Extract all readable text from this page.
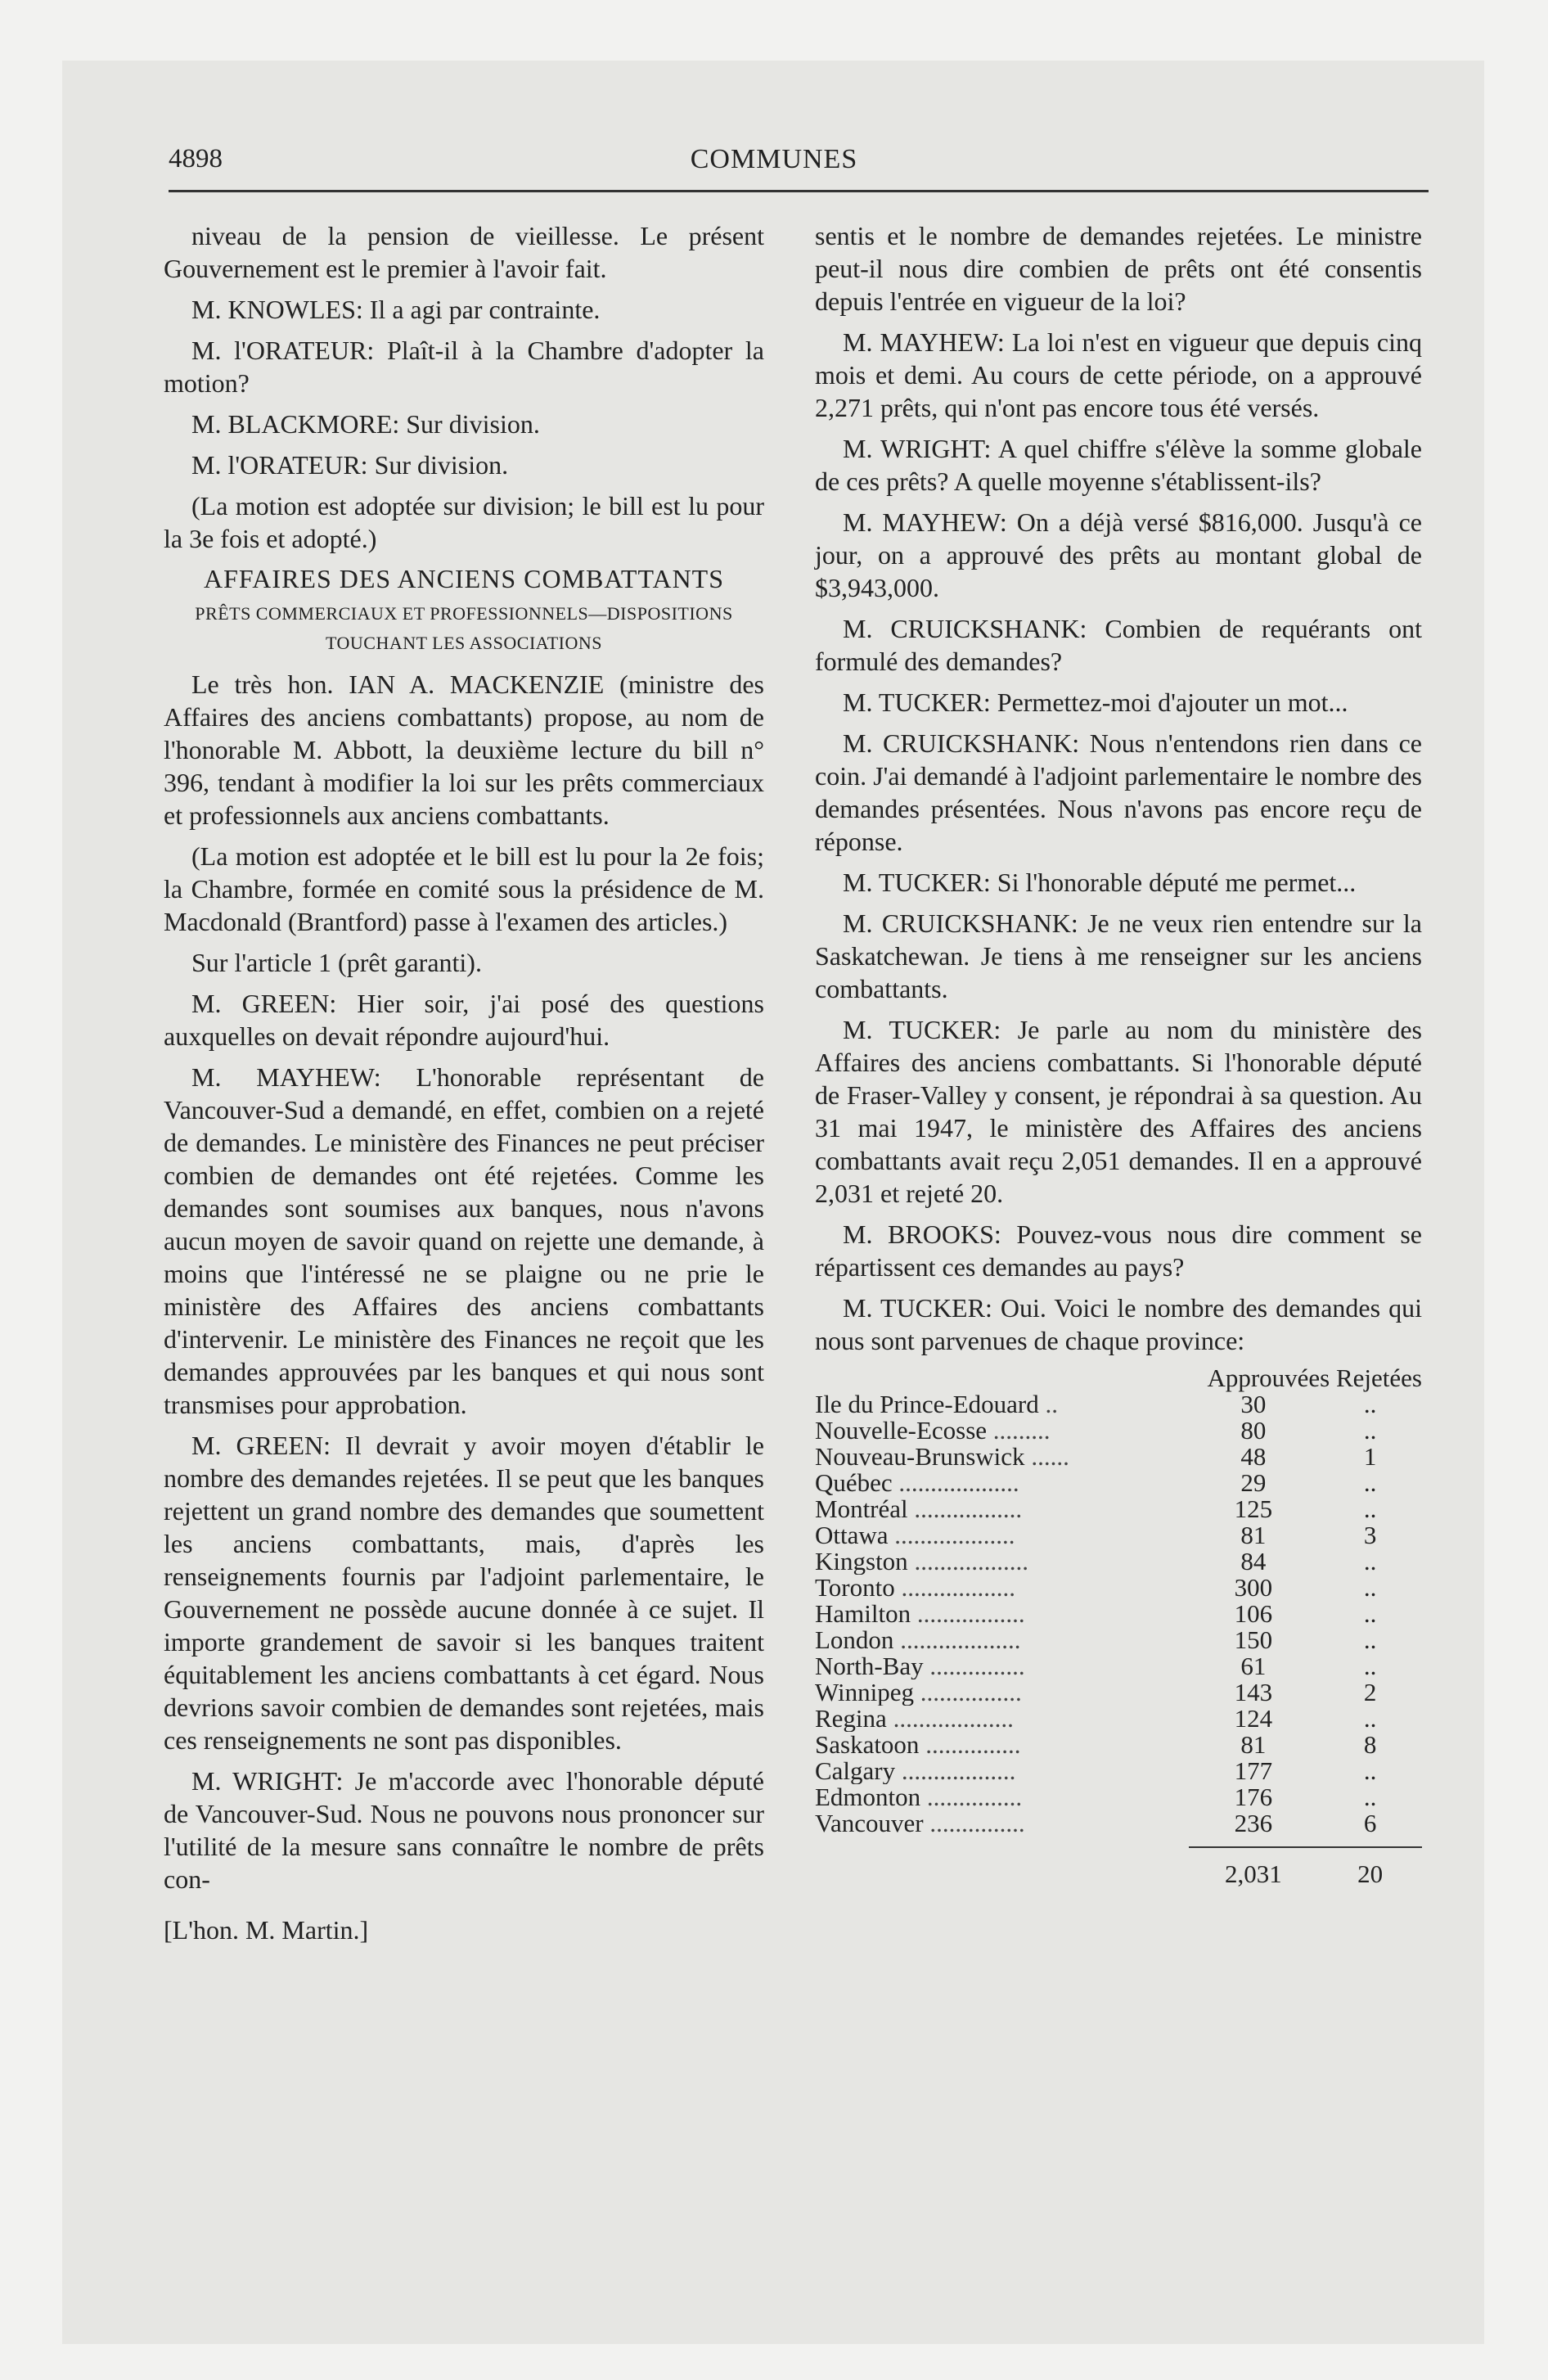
4898	COMMUNES

niveau de la pension de vieillesse. Le présent Gouvernement est le premier à l'avoir fait.

M. KNOWLES: Il a agi par contrainte.

M. l'ORATEUR: Plaît-il à la Chambre d'adopter la motion?

M. BLACKMORE: Sur division.

M. l'ORATEUR: Sur division.

(La motion est adoptée sur division; le bill est lu pour la 3e fois et adopté.)

AFFAIRES DES ANCIENS COMBATTANTS

PRÊTS COMMERCIAUX ET PROFESSIONNELS—DISPOSITIONS TOUCHANT LES ASSOCIATIONS

Le très hon. IAN A. MACKENZIE (ministre des Affaires des anciens combattants) propose, au nom de l'honorable M. Abbott, la deuxième lecture du bill n° 396, tendant à modifier la loi sur les prêts commerciaux et professionnels aux anciens combattants.

(La motion est adoptée et le bill est lu pour la 2e fois; la Chambre, formée en comité sous la présidence de M. Macdonald (Brantford) passe à l'examen des articles.)

Sur l'article 1 (prêt garanti).

M. GREEN: Hier soir, j'ai posé des questions auxquelles on devait répondre aujourd'hui.

M. MAYHEW: L'honorable représentant de Vancouver-Sud a demandé, en effet, combien on a rejeté de demandes. Le ministère des Finances ne peut préciser combien de demandes ont été rejetées. Comme les demandes sont soumises aux banques, nous n'avons aucun moyen de savoir quand on rejette une demande, à moins que l'intéressé ne se plaigne ou ne prie le ministère des Affaires des anciens combattants d'intervenir. Le ministère des Finances ne reçoit que les demandes approuvées par les banques et qui nous sont transmises pour approbation.

M. GREEN: Il devrait y avoir moyen d'établir le nombre des demandes rejetées. Il se peut que les banques rejettent un grand nombre des demandes que soumettent les anciens combattants, mais, d'après les renseignements fournis par l'adjoint parlementaire, le Gouvernement ne possède aucune donnée à ce sujet. Il importe grandement de savoir si les banques traitent équitablement les anciens combattants à cet égard. Nous devrions savoir combien de demandes sont rejetées, mais ces renseignements ne sont pas disponibles.

M. WRIGHT: Je m'accorde avec l'honorable député de Vancouver-Sud. Nous ne pouvons nous prononcer sur l'utilité de la mesure sans connaître le nombre de prêts con-

[L'hon. M. Martin.]

sentis et le nombre de demandes rejetées. Le ministre peut-il nous dire combien de prêts ont été consentis depuis l'entrée en vigueur de la loi?

M. MAYHEW: La loi n'est en vigueur que depuis cinq mois et demi. Au cours de cette période, on a approuvé 2,271 prêts, qui n'ont pas encore tous été versés.

M. WRIGHT: A quel chiffre s'élève la somme globale de ces prêts? A quelle moyenne s'établissent-ils?

M. MAYHEW: On a déjà versé $816,000. Jusqu'à ce jour, on a approuvé des prêts au montant global de $3,943,000.

M. CRUICKSHANK: Combien de requérants ont formulé des demandes?

M. TUCKER: Permettez-moi d'ajouter un mot...

M. CRUICKSHANK: Nous n'entendons rien dans ce coin. J'ai demandé à l'adjoint parlementaire le nombre des demandes présentées. Nous n'avons pas encore reçu de réponse.

M. TUCKER: Si l'honorable député me permet...

M. CRUICKSHANK: Je ne veux rien entendre sur la Saskatchewan. Je tiens à me renseigner sur les anciens combattants.

M. TUCKER: Je parle au nom du ministère des Affaires des anciens combattants. Si l'honorable député de Fraser-Valley y consent, je répondrai à sa question. Au 31 mai 1947, le ministère des Affaires des anciens combattants avait reçu 2,051 demandes. Il en a approuvé 2,031 et rejeté 20.

M. BROOKS: Pouvez-vous nous dire comment se répartissent ces demandes au pays?

M. TUCKER: Oui. Voici le nombre des demandes qui nous sont parvenues de chaque province:

	Approuvées Rejetées	
Ile du Prince-Edouard ..	30	..
Nouvelle-Ecosse .........	80	..
Nouveau-Brunswick ......	48	1
Québec ...................	29	..
Montréal .................	125	..
Ottawa ...................	81	3
Kingston ..................	84	..
Toronto ..................	300	..
Hamilton .................	106	..
London ...................	150	..
North-Bay ...............	61	..
Winnipeg ................	143	2
Regina ...................	124	..
Saskatoon ...............	81	8
Calgary ..................	177	..
Edmonton ...............	176	..
Vancouver ...............	236	6

	2,031	20
